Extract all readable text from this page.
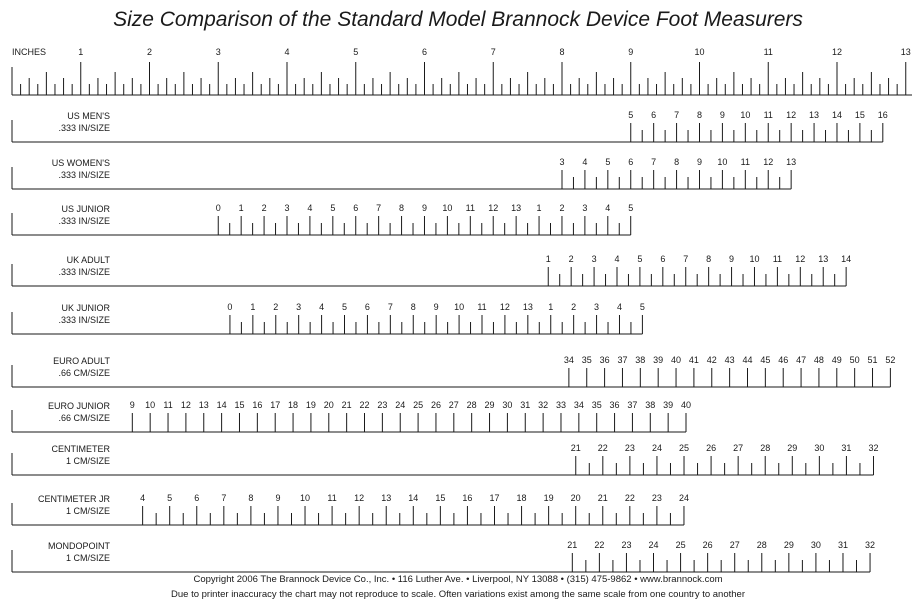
Size Comparison of the Standard Model Brannock Device Foot Measurers
INCHES	1	2	3	4	5	6	7	8	9	10	11	12	13
US MEN'S
.333 IN/SIZE
5 6 7 8 9 10 11 12 13 14 15 16
US WOMEN'S
.333 IN/SIZE
3 4 5 6 7 8 9 10 11 12 13
US JUNIOR
.333 IN/SIZE
0 1 2 3 4 5 6 7 8 9 10 11 12 13 1 2 3 4 5
UK ADULT
.333 IN/SIZE
1 2 3 4 5 6 7 8 9 10 11 12 13 14
UK JUNIOR
.333 IN/SIZE
0 1 2 3 4 5 6 7 8 9 10 11 12 13 1 2 3 4 5
EURO ADULT
.66 CM/SIZE
34 35 36 37 38 39 40 41 42 43 44 45 46 47 48 49 50 51 52
EURO JUNIOR
.66 CM/SIZE
9 10 11 12 13 14 15 16 17 18 19 20 21 22 23 24 25 26 27 28 29 30 31 32 33 34 35 36 37 38 39 40
CENTIMETER
1 CM/SIZE
21 22 23 24 25 26 27 28 29 30 31 32
CENTIMETER JR
1 CM/SIZE
4 5 6 7 8 9 10 11 12 13 14 15 16 17 18 19 20 21 22 23 24
MONDOPOINT
1 CM/SIZE
21 22 23 24 25 26 27 28 29 30 31 32
Copyright 2006 The Brannock Device Co., Inc. • 116 Luther Ave. • Liverpool, NY 13088 • (315) 475-9862 • www.brannock.com
Due to printer inaccuracy the chart may not reproduce to scale. Often variations exist among the same scale from one country to another
